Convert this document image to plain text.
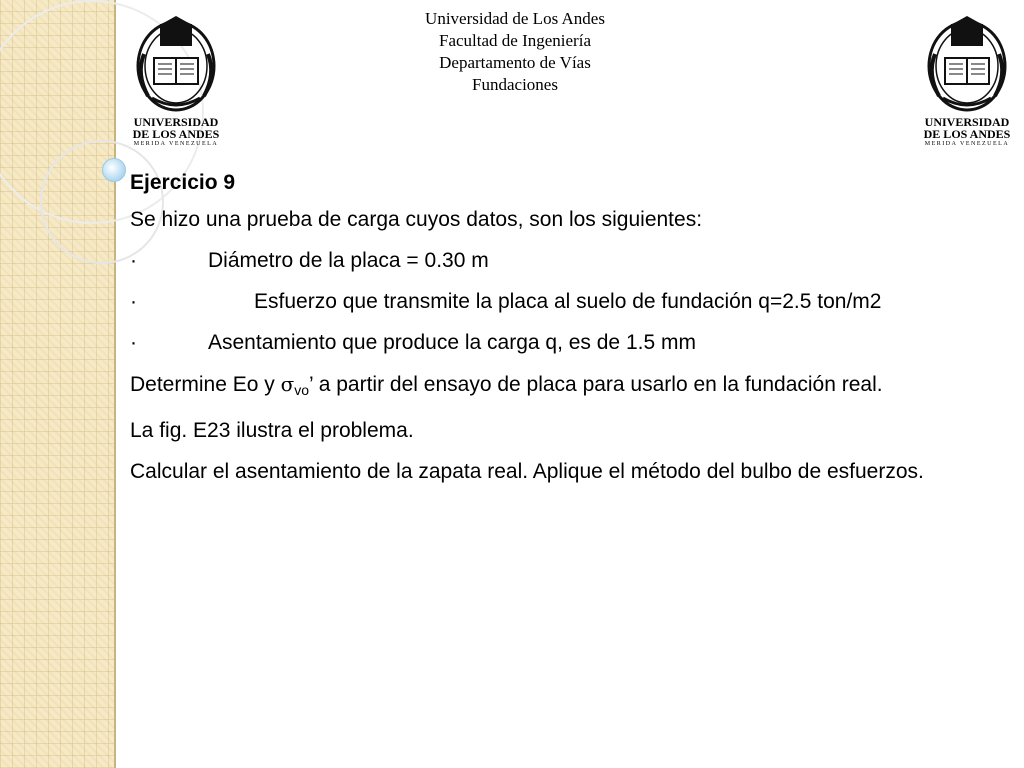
UNIVERSIDAD
DE LOS ANDES
MERIDA VENEZUELA
UNIVERSIDAD
DE LOS ANDES
MERIDA VENEZUELA
Universidad de Los Andes
Facultad de Ingeniería
Departamento de Vías
Fundaciones

Ejercicio 9

Se hizo una prueba de carga cuyos datos, son los siguientes:

·	Diámetro de la placa = 0.30 m

·	Esfuerzo que transmite la placa al suelo de fundación q=2.5 ton/m2

·	Asentamiento que produce la carga q, es de 1.5 mm

Determine Eo y $\sigma_{vo}$’ a partir del ensayo de placa para usarlo en la fundación real.

La fig. E23 ilustra el problema.

Calcular el asentamiento de la zapata real. Aplique el método del bulbo de esfuerzos.
